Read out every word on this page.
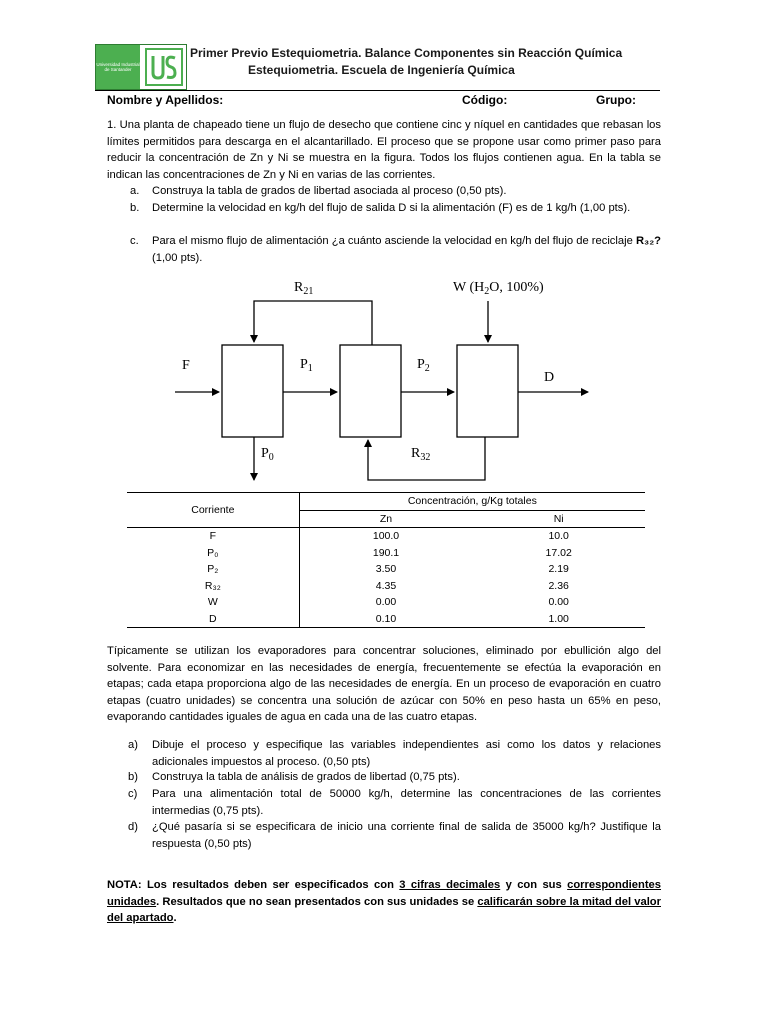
Universidad Industrial de Santander
Primer Previo Estequiometria. Balance Componentes sin Reacción Química
Estequiometria. Escuela de Ingeniería Química
Nombre y Apellidos:	Código:	Grupo:

1. Una planta de chapeado tiene un flujo de desecho que contiene cinc y níquel en cantidades que rebasan los límites permitidos para descarga en el alcantarillado. El proceso que se propone usar como primer paso para reducir la concentración de Zn y Ni se muestra en la figura. Todos los flujos contienen agua. En la tabla se indican las concentraciones de Zn y Ni en varias de las corrientes.

a. Construya la tabla de grados de libertad asociada al proceso (0,50 pts).
b. Determine la velocidad en kg/h del flujo de salida D si la alimentación (F) es de 1 kg/h (1,00 pts).
c. Para el mismo flujo de alimentación ¿a cuánto asciende la velocidad en kg/h del flujo de reciclaje R₃₂? (1,00 pts).
F	$P_1$	$P_2$
D
$P_0$	$R_{32}$
$R_{21}$	W ($H_2O$, 100%)
Corriente	Concentración, g/Kg totales	
	Zn	Ni
F	100.0	10.0
P₀	190.1	17.02
P₂	3.50	2.19
R₃₂	4.35	2.36
W	0.00	0.00
D	0.10	1.00

Típicamente se utilizan los evaporadores para concentrar soluciones, eliminado por ebullición algo del solvente. Para economizar en las necesidades de energía, frecuentemente se efectúa la evaporación en etapas; cada etapa proporciona algo de las necesidades de energía. En un proceso de evaporación en cuatro etapas (cuatro unidades) se concentra una solución de azúcar con 50% en peso hasta un 65% en peso, evaporando cantidades iguales de agua en cada una de las cuatro etapas.

a) Dibuje el proceso y especifique las variables independientes asi como los datos y relaciones adicionales impuestos al proceso. (0,50 pts)
b) Construya la tabla de análisis de grados de libertad (0,75 pts).
c) Para una alimentación total de 50000 kg/h, determine las concentraciones de las corrientes intermedias (0,75 pts).
d) ¿Qué pasaría si se especificara de inicio una corriente final de salida de 35000 kg/h? Justifique la respuesta (0,50 pts)

NOTA: Los resultados deben ser especificados con 3 cifras decimales y con sus correspondientes unidades. Resultados que no sean presentados con sus unidades se calificarán sobre la mitad del valor del apartado.
